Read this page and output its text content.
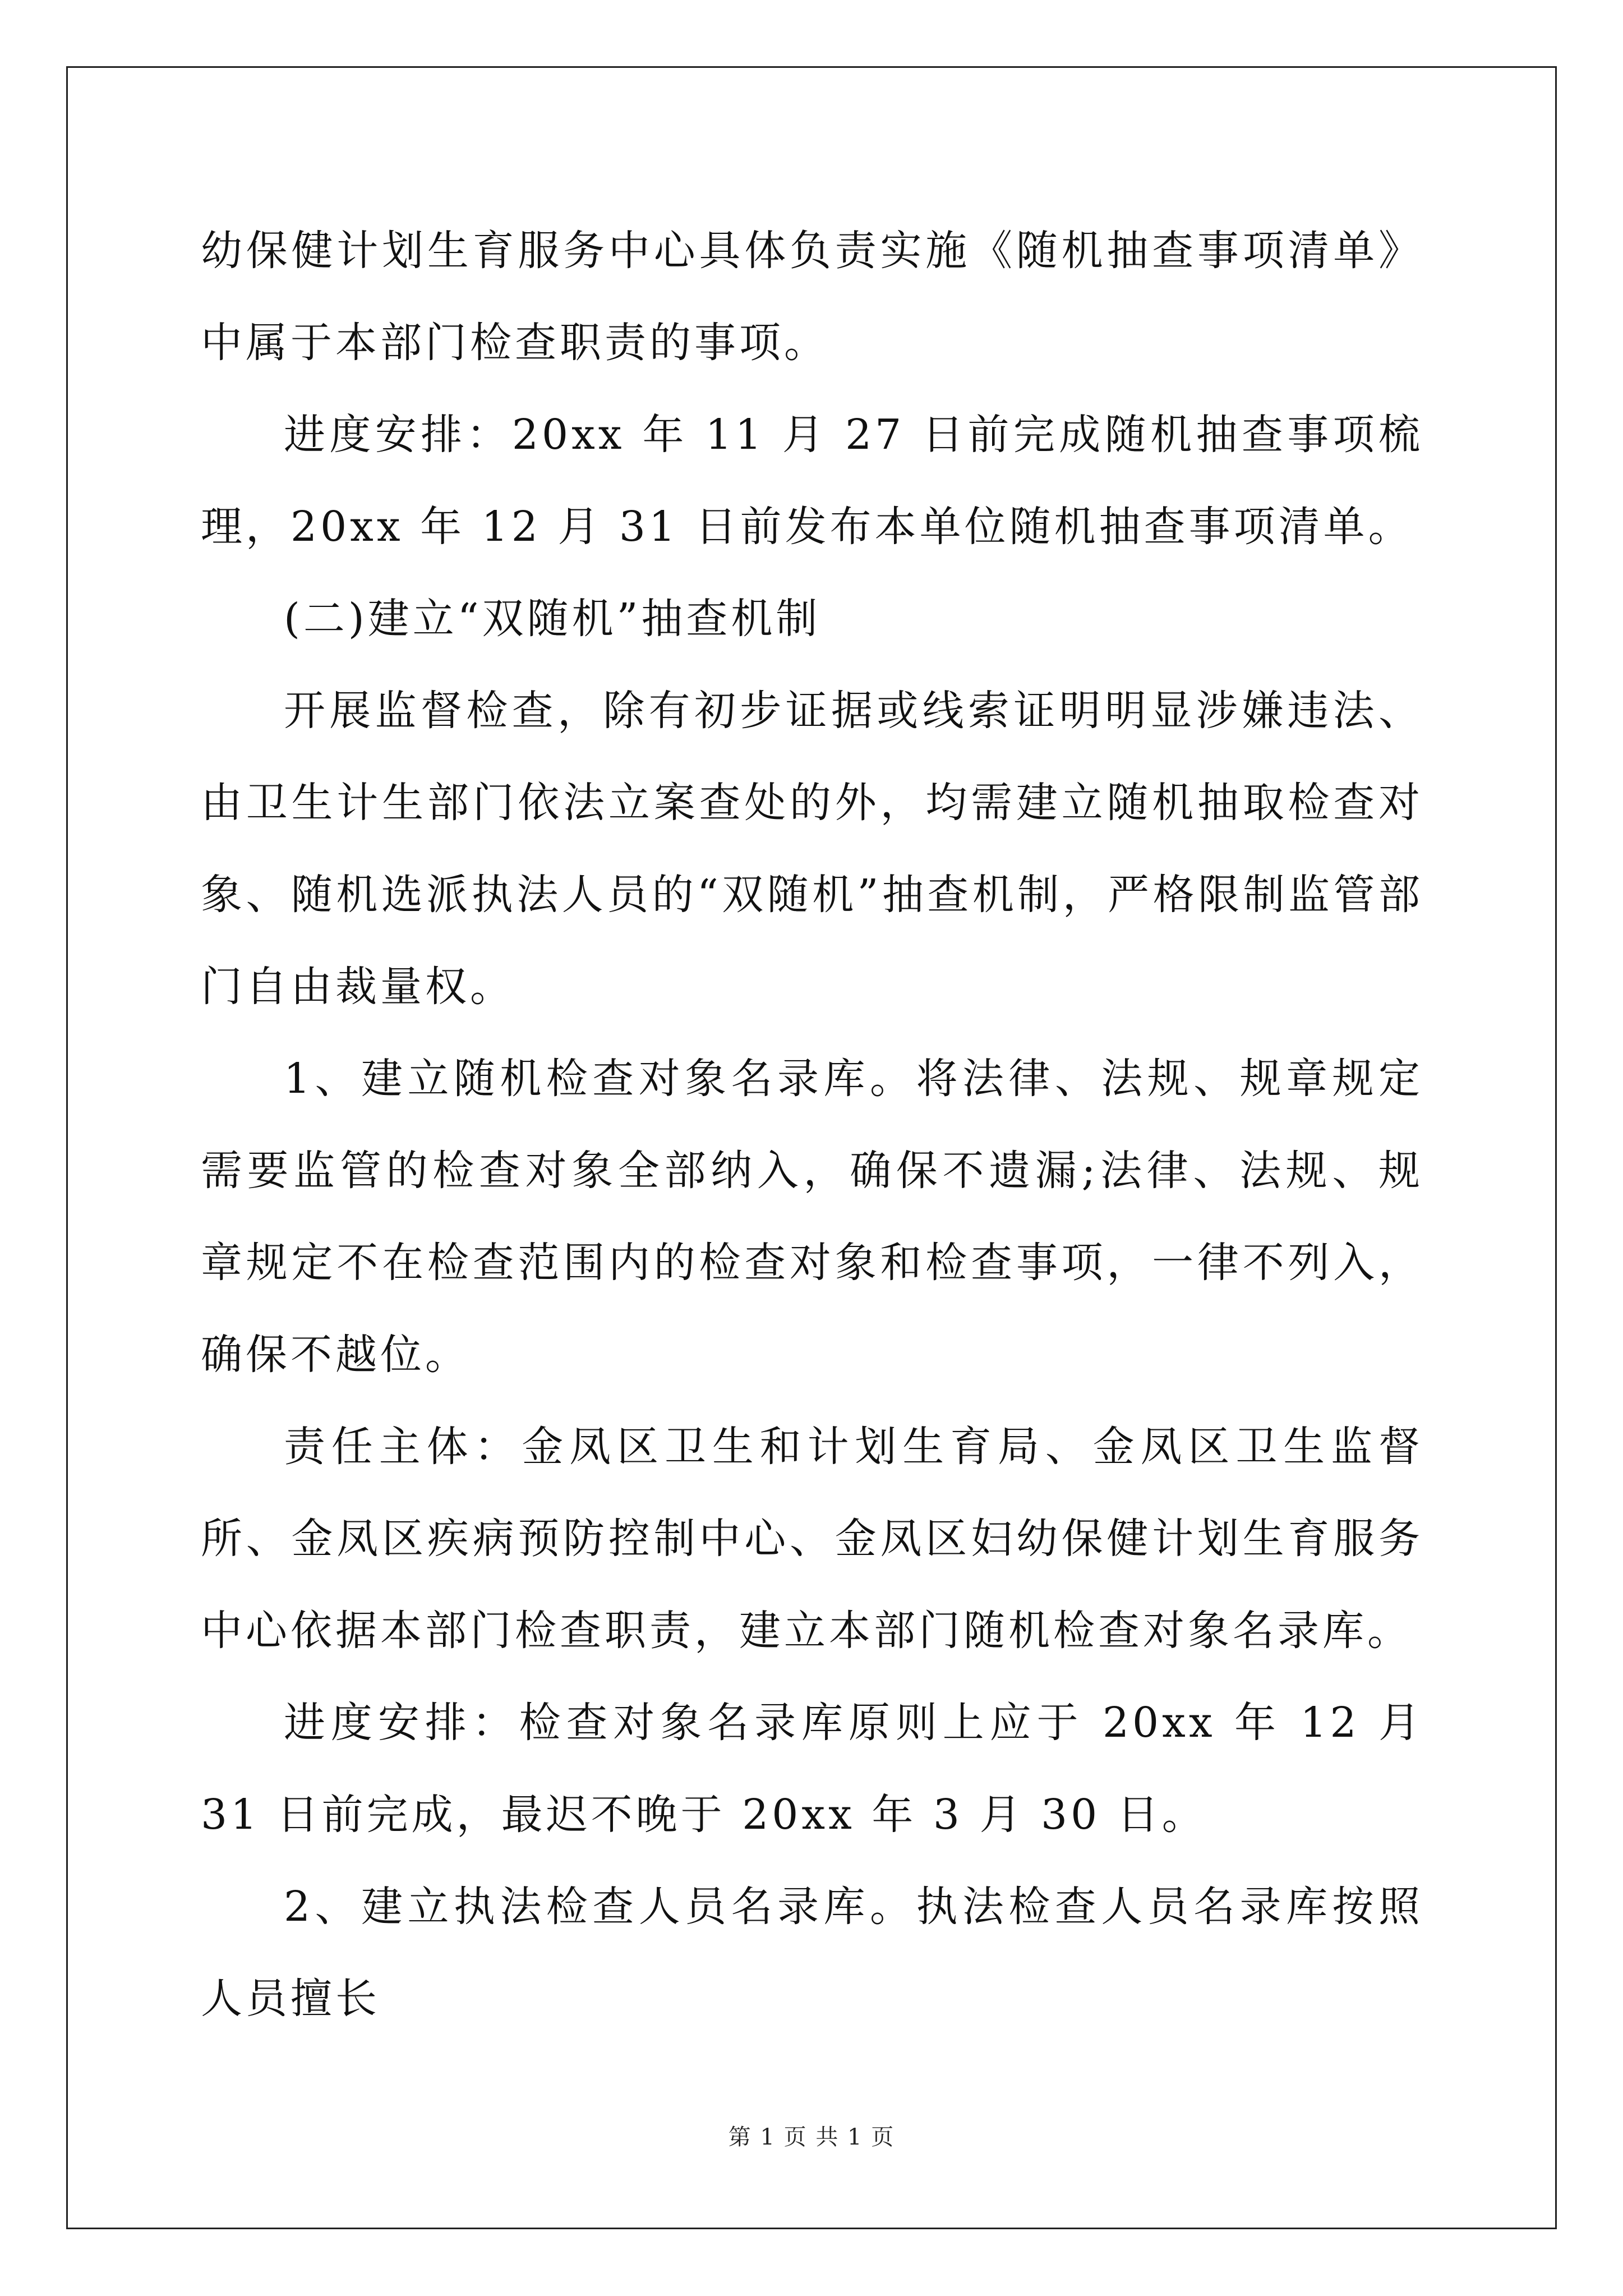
幼保健计划生育服务中心具体负责实施《随机抽查事项清单》中属于本部门检查职责的事项。

进度安排：20xx 年 11 月 27 日前完成随机抽查事项梳理，20xx 年 12 月 31 日前发布本单位随机抽查事项清单。

(二)建立“双随机”抽查机制

开展监督检查，除有初步证据或线索证明明显涉嫌违法、由卫生计生部门依法立案查处的外，均需建立随机抽取检查对象、随机选派执法人员的“双随机”抽查机制，严格限制监管部门自由裁量权。

1、建立随机检查对象名录库。将法律、法规、规章规定需要监管的检查对象全部纳入，确保不遗漏;法律、法规、规章规定不在检查范围内的检查对象和检查事项，一律不列入，确保不越位。

责任主体：金凤区卫生和计划生育局、金凤区卫生监督所、金凤区疾病预防控制中心、金凤区妇幼保健计划生育服务中心依据本部门检查职责，建立本部门随机检查对象名录库。

进度安排：检查对象名录库原则上应于 20xx 年 12 月 31 日前完成，最迟不晚于 20xx 年 3 月 30 日。

2、建立执法检查人员名录库。执法检查人员名录库按照人员擅长

第 1 页 共 1 页
